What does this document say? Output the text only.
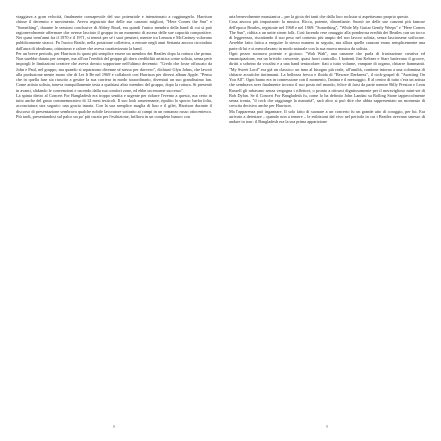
viaggiava a gran velocità, finalmente consapevole del suo potenziale e intenzionato a raggiungerlo. Harrison chiuse il decennio e movimento. Aveva registrato due delle sue canzoni migliori, "Here Comes the Sun" e "Something", durante le sessioni conclusive di Abbey Road, era quindi l'unico membro della band di cui si può ragionevolmente affermare che avesse lasciato il gruppo in un momento di ascesa delle sue capacità compositive. Nei quasi trent'anni fra il 1970 e il 1971, si tenerà per sé i suoi pensieri, mentre tra Lennon e McCartney volavano pubblicamente stracci. Fu l'unico Beatle, nella posizione collettiva, a entrare negli anni Settanta ancora circondato dall'aura di idealismo, ottimismo e calore che aveva caratterizzato la band.

Per un breve periodo, per Harrison fu quasi più semplice essere un membro dei Beatles dopo la rottura che prima. Non sarebbe durato per sempre, ma all'ora l'eredità del gruppo gli dava credibilità artistica come solista, senza però imporgli le limitazioni creative che aveva dovuto sopportare nell'ultimo decennio. "Credo che fosse offuscato da John e Paul, nel gruppo, ma quando si separarono divenne sé stesso per davvero", dichiarò Glyn Johns, che lavorò alla produzione mente mono che di Let It Be nel 1969 e collaborò con Harrison per diversi album Apple. "Penso che in quella fase sia riuscito a gestire la sua carriera in modo straordinario, diventati un suo grandissimo fan. Come artista solista, toneva tranquillamente testa a qualsiasi altro membro del gruppo, dopo la rottura. Si presentò in avanti, sfidando le convenzioni e uscendo dalla sua comfort zone, ed ebbe un enorme successo".

La spinta dietro al Concert For Bangladesh era troppo sentita e urgente per ridurre l'evento a questo, ma certo in tutto anche del gusto commemorativo di 12 mesi testicoli. Il suo look rasserenante, ripulito lo sporto: barba folta, acconciatura stra sugarto: una gracia innata. Con la sua semplice maglia di lino e il gilet, Harrison durante il discorso di presentazione sembrava qualche nobile lavoratore sottratto ai campi in un romanzo russo ottocentesco. Più tardi, presentandosi sul palco un po' più curato per l'esibizione, brillava in un completo bianco con

8

aria benevolmente mussianica – per la gioia dei tanti che dalla loro rockstar si aspettavano proprio questo.

Cosa ancora più importante: la musica. Ricca, potente, dinonfiante. Suonò tre delle sue canzoni più famose dell'epoca Beatles, registrate nel 1968 e nel 1969: "Something", "While My Guitar Gently Weeps" e "Here Comes The Sun", riditta a un unite sirom folk. Così facendo rese omaggio alla ponderosa eredità dei Beatles con un tocco di leggerezza, riscattando il suo peso nel contesto più ampio del suo lavoro solista, senza lasciarsene soffocare. Avrebbe fatto fatica a eseguire lo stesso numero in seguito, ma allora quelle canzoni erano semplicemente una parte di lui e si mescolavano in modo naturale con la sua nuova musica da solista.

Ogni pezzo suonava potente e gioioso: "Wah Wah", una canzone che parla di frustrazione creativa ed emancipazione, era un brivido crescente, quasi fuori controllo. I battenti Jim Keltner e Starr battevano il groove, diritti a sobrino da vocalist e a una band tentacolare: fiati a tutto volume, vampate di organo, chitarre fiammanti. "My Sweet Lord" era già un classico: un inno al bisogno più reale, all'umiltà, contiene intorno a una colonnina di chitarre acustiche tintinnanti. La bellezza fresca e fluida di "Beware Darkness", il rock-gospel di "Awaiting On You All". Ogni brano era in connessione con il momento, l'anima e il messaggio. E al centro di tutto c'era un artista che sembrava aver finalmente trovato il suo posto nel mondo, felice di farsi da parte mentre Billy Preston e Leon Russell gli rubavano senza vergogna i riflettori, o pronto a ritirarsi dignitosamente per il meraviglioso mini-set di Bob Dylan. Se il Concert For Bangladesh fu, come lo ha definito John Landau su Rolling Stone tappeccolmente senza ironia, "il rock che raggiunge la maturità", sarà altro si può dire che abbia rappresentato un momento di crescita decisivo anche per Harrison.

Ma l'apparenza può ingannare. Il solo fatto di suonare a un concerto fu un grande atto di coraggio, per lui. Era arrivato a detestare – quando non a temere – le esibizioni dal vivo nel periodo in cui i Beatles avevano smesso di andare in tour: il Bangladesh era la sua prima apparizione

9
